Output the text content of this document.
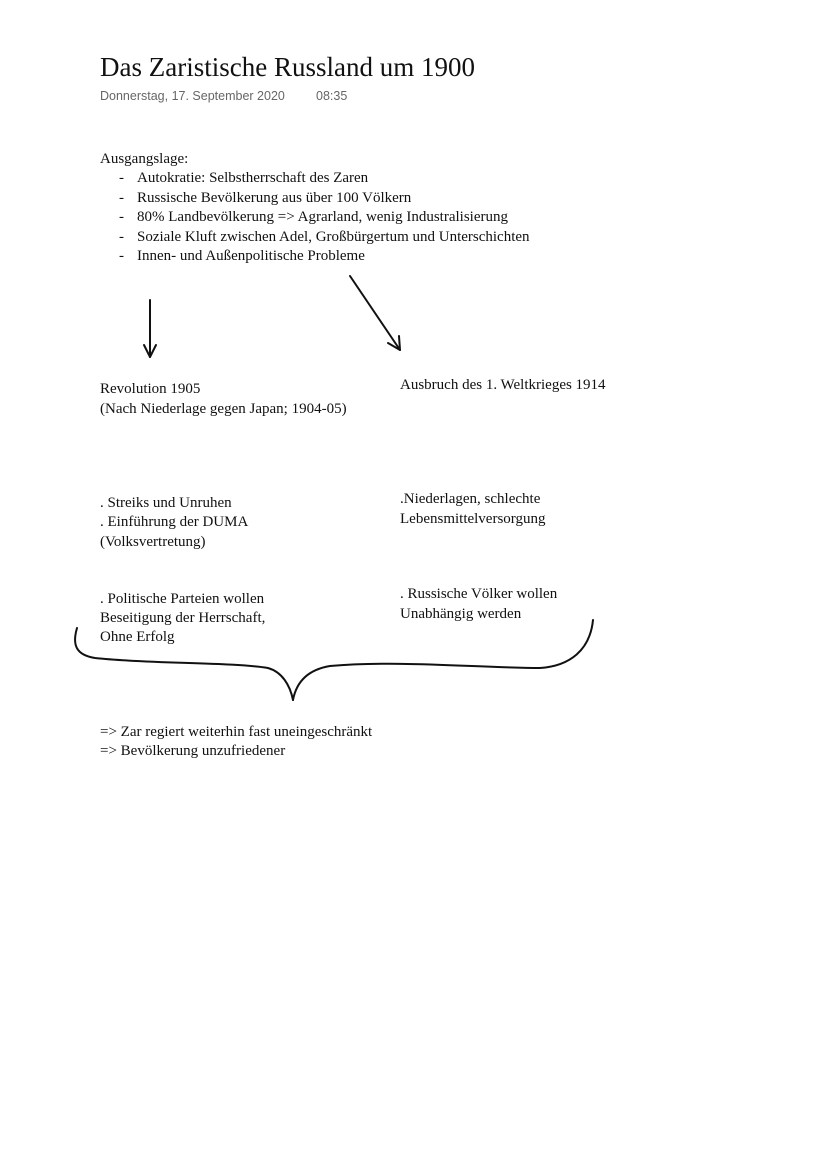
Das Zaristische Russland um 1900
Donnerstag, 17. September 2020 08:35
Ausgangslage:
- Autokratie: Selbstherrschaft des Zaren
- Russische Bevölkerung aus über 100 Völkern
- 80% Landbevölkerung => Agrarland, wenig Industralisierung
- Soziale Kluft zwischen Adel, Großbürgertum und Unterschichten
- Innen- und Außenpolitische Probleme
Revolution 1905
(Nach Niederlage gegen Japan; 1904-05)
. Streiks und Unruhen
. Einführung der DUMA
(Volksvertretung)
. Politische Parteien wollen
Beseitigung der Herrschaft,
Ohne Erfolg
Ausbruch des 1. Weltkrieges 1914
.Niederlagen, schlechte
Lebensmittelversorgung
. Russische Völker wollen
Unabhängig werden
=> Zar regiert weiterhin fast uneingeschränkt
=> Bevölkerung unzufriedener
